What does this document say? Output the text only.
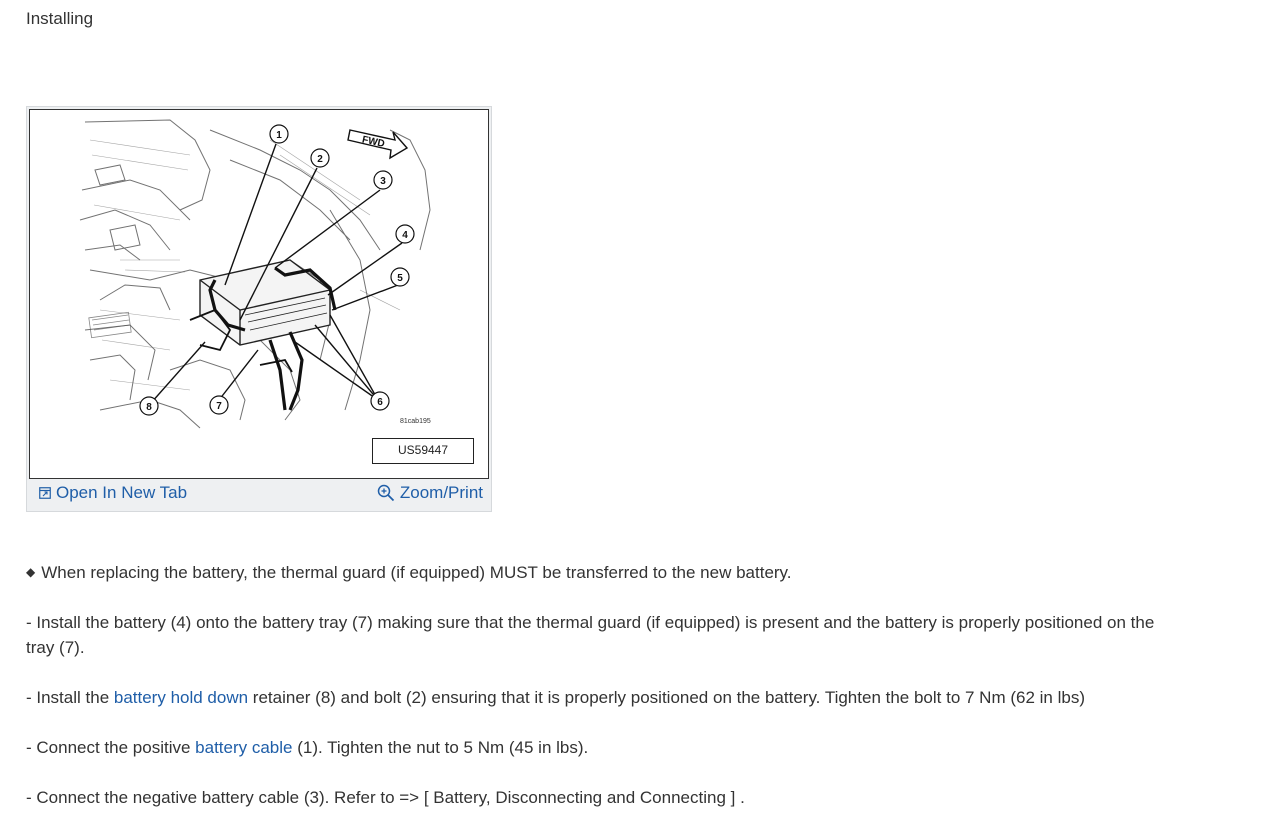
Installing
FWD
1
2
3
4
5
6
7
8
81cab195
US59447
Open In New Tab	Zoom/Print
◆ When replacing the battery, the thermal guard (if equipped) MUST be transferred to the new battery.
- Install the battery (4) onto the battery tray (7) making sure that the thermal guard (if equipped) is present and the battery is properly positioned on the
tray (7).
- Install the battery hold down retainer (8) and bolt (2) ensuring that it is properly positioned on the battery. Tighten the bolt to 7 Nm (62 in lbs)
- Connect the positive battery cable (1). Tighten the nut to 5 Nm (45 in lbs).
- Connect the negative battery cable (3). Refer to => [ Battery, Disconnecting and Connecting ] .
